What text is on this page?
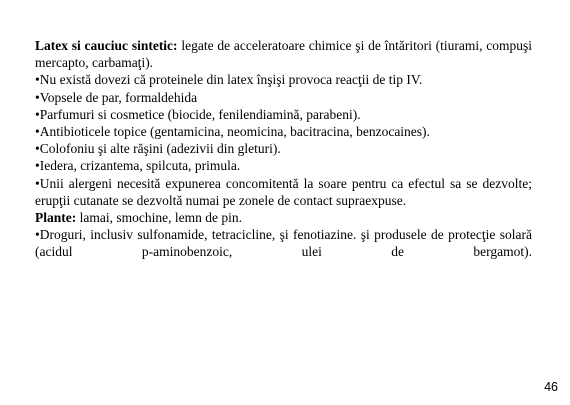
Latex si cauciuc sintetic: legate de acceleratoare chimice şi de întăritori (tiurami, compuşi mercapto, carbamaţi).

•Nu există dovezi că proteinele din latex înşişi provoca reacţii de tip IV.

•Vopsele de par, formaldehida

•Parfumuri si cosmetice (biocide, fenilendiamină, parabeni).

•Antibioticele topice (gentamicina, neomicina, bacitracina, benzocaines).

•Colofoniu şi alte răşini (adezivii din gleturi).

•Iedera, crizantema, spilcuta, primula.

•Unii alergeni necesită expunerea concomitentă la soare pentru ca efectul sa se dezvolte; erupţii cutanate se dezvoltă numai pe zonele de contact supraexpuse.

Plante: lamai, smochine, lemn de pin.

•Droguri, inclusiv sulfonamide, tetracicline, şi fenotiazine. şi produsele de protecţie solară (acidul p-aminobenzoic, ulei de bergamot).

46
